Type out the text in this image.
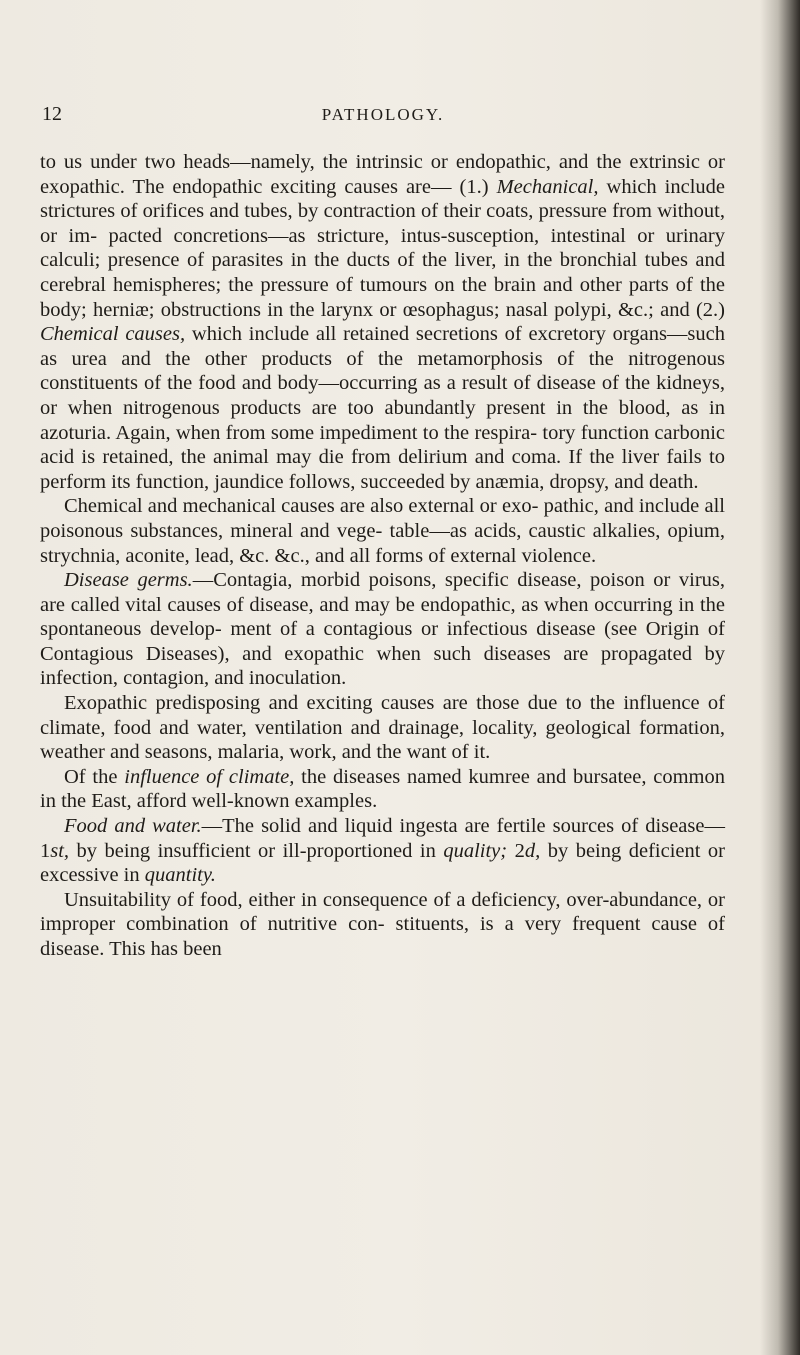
12	PATHOLOGY.

to us under two heads—namely, the intrinsic or endopathic, and the extrinsic or exopathic. The endopathic exciting causes are— (1.) Mechanical, which include strictures of orifices and tubes, by contraction of their coats, pressure from without, or im- pacted concretions—as stricture, intus-susception, intestinal or urinary calculi; presence of parasites in the ducts of the liver, in the bronchial tubes and cerebral hemispheres; the pressure of tumours on the brain and other parts of the body; herniæ; obstructions in the larynx or œsophagus; nasal polypi, &c.; and (2.) Chemical causes, which include all retained secretions of excretory organs—such as urea and the other products of the metamorphosis of the nitrogenous constituents of the food and body—occurring as a result of disease of the kidneys, or when nitrogenous products are too abundantly present in the blood, as in azoturia. Again, when from some impediment to the respira- tory function carbonic acid is retained, the animal may die from delirium and coma. If the liver fails to perform its function, jaundice follows, succeeded by anæmia, dropsy, and death.

Chemical and mechanical causes are also external or exo- pathic, and include all poisonous substances, mineral and vege- table—as acids, caustic alkalies, opium, strychnia, aconite, lead, &c. &c., and all forms of external violence.

Disease germs.—Contagia, morbid poisons, specific disease, poison or virus, are called vital causes of disease, and may be endopathic, as when occurring in the spontaneous develop- ment of a contagious or infectious disease (see Origin of Contagious Diseases), and exopathic when such diseases are propagated by infection, contagion, and inoculation.

Exopathic predisposing and exciting causes are those due to the influence of climate, food and water, ventilation and drainage, locality, geological formation, weather and seasons, malaria, work, and the want of it.

Of the influence of climate, the diseases named kumree and bursatee, common in the East, afford well-known examples.

Food and water.—The solid and liquid ingesta are fertile sources of disease—1st, by being insufficient or ill-proportioned in quality; 2d, by being deficient or excessive in quantity.

Unsuitability of food, either in consequence of a deficiency, over-abundance, or improper combination of nutritive con- stituents, is a very frequent cause of disease. This has been
